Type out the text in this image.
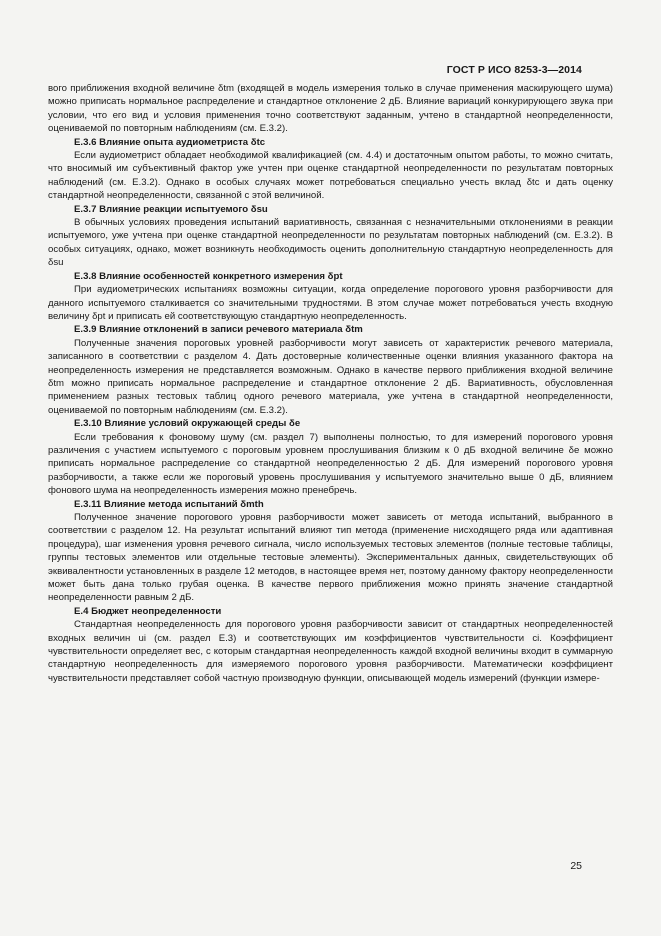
ГОСТ Р ИСО 8253-3—2014

вого приближения входной величине δtm (входящей в модель измерения только в случае применения маскирующего шума) можно приписать нормальное распределение и стандартное отклонение 2 дБ. Влияние вариаций конкурирующего звука при условии, что его вид и условия применения точно соответствуют заданным, учтено в стандартной неопределенности, оцениваемой по повторным наблюдениям (см. Е.3.2).

Е.3.6 Влияние опыта аудиометриста δtc

Если аудиометрист обладает необходимой квалификацией (см. 4.4) и достаточным опытом работы, то можно считать, что вносимый им субъективный фактор уже учтен при оценке стандартной неопределенности по результатам повторных наблюдений (см. Е.3.2). Однако в особых случаях может потребоваться специально учесть вклад δtc и дать оценку стандартной неопределенности, связанной с этой величиной.

Е.3.7 Влияние реакции испытуемого δsu

В обычных условиях проведения испытаний вариативность, связанная с незначительными отклонениями в реакции испытуемого, уже учтена при оценке стандартной неопределенности по результатам повторных наблюдений (см. Е.3.2). В особых ситуациях, однако, может возникнуть необходимость оценить дополнительную стандартную неопределенность для δsu

Е.3.8 Влияние особенностей конкретного измерения δpt

При аудиометрических испытаниях возможны ситуации, когда определение порогового уровня разборчивости для данного испытуемого сталкивается со значительными трудностями. В этом случае может потребоваться учесть входную величину δpt и приписать ей соответствующую стандартную неопределенность.

Е.3.9 Влияние отклонений в записи речевого материала δtm

Полученные значения пороговых уровней разборчивости могут зависеть от характеристик речевого материала, записанного в соответствии с разделом 4. Дать достоверные количественные оценки влияния указанного фактора на неопределенность измерения не представляется возможным. Однако в качестве первого приближения входной величине δtm можно приписать нормальное распределение и стандартное отклонение 2 дБ. Вариативность, обусловленная применением разных тестовых таблиц одного речевого материала, уже учтена в стандартной неопределенности, оцениваемой по повторным наблюдениям (см. Е.3.2).

Е.3.10 Влияние условий окружающей среды δe

Если требования к фоновому шуму (см. раздел 7) выполнены полностью, то для измерений порогового уровня различения с участием испытуемого с пороговым уровнем прослушивания близким к 0 дБ входной величине δe можно приписать нормальное распределение со стандартной неопределенностью 2 дБ. Для измерений порогового уровня разборчивости, а также если же пороговый уровень прослушивания у испытуемого значительно выше 0 дБ, влиянием фонового шума на неопределенность измерения можно пренебречь.

Е.3.11 Влияние метода испытаний δmth

Полученное значение порогового уровня разборчивости может зависеть от метода испытаний, выбранного в соответствии с разделом 12. На результат испытаний влияют тип метода (применение нисходящего ряда или адаптивная процедура), шаг изменения уровня речевого сигнала, число используемых тестовых элементов (полные тестовые таблицы, группы тестовых элементов или отдельные тестовые элементы). Экспериментальных данных, свидетельствующих об эквивалентности установленных в разделе 12 методов, в настоящее время нет, поэтому данному фактору неопределенности может быть дана только грубая оценка. В качестве первого приближения можно принять значение стандартной неопределенности равным 2 дБ.

Е.4 Бюджет неопределенности

Стандартная неопределенность для порогового уровня разборчивости зависит от стандартных неопределенностей входных величин ui (см. раздел Е.3) и соответствующих им коэффициентов чувствительности ci. Коэффициент чувствительности определяет вес, с которым стандартная неопределенность каждой входной величины входит в суммарную стандартную неопределенность для измеряемого порогового уровня разборчивости. Математически коэффициент чувствительности представляет собой частную производную функции, описывающей модель измерений (функции измере-

25
